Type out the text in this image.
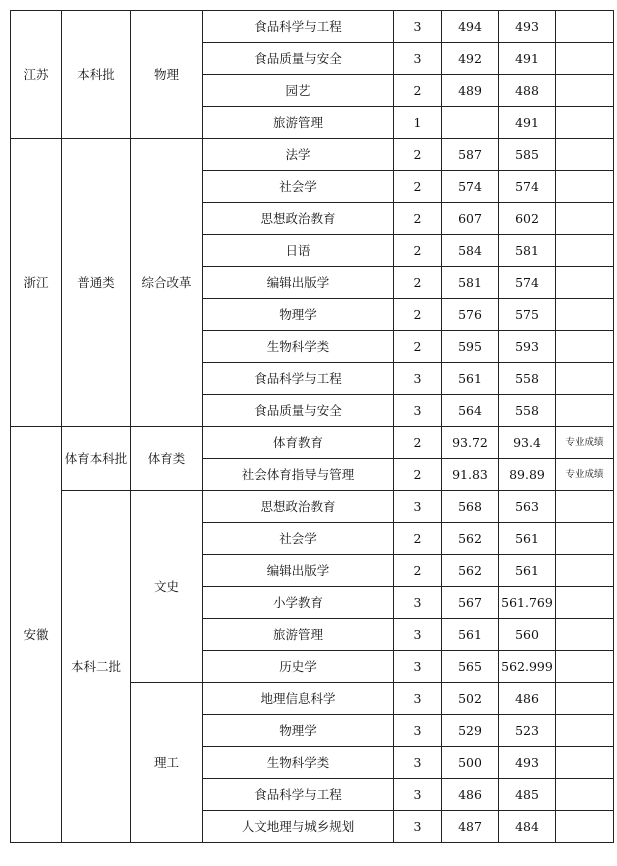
江苏	本科批	物理	食品科学与工程	3	494	493	
			食品质量与安全	3	492	491	
			园艺	2	489	488	
			旅游管理	1		491	
浙江	普通类	综合改革	法学	2	587	585	
			社会学	2	574	574	
			思想政治教育	2	607	602	
			日语	2	584	581	
			编辑出版学	2	581	574	
			物理学	2	576	575	
			生物科学类	2	595	593	
			食品科学与工程	3	561	558	
			食品质量与安全	3	564	558	
安徽	体育本科批	体育类	体育教育	2	93.72	93.4	专业成绩
			社会体育指导与管理	2	91.83	89.89	专业成绩
	本科二批	文史	思想政治教育	3	568	563	
			社会学	2	562	561	
			编辑出版学	2	562	561	
			小学教育	3	567	561.769	
			旅游管理	3	561	560	
			历史学	3	565	562.999	
		理工	地理信息科学	3	502	486	
			物理学	3	529	523	
			生物科学类	3	500	493	
			食品科学与工程	3	486	485	
			人文地理与城乡规划	3	487	484	
